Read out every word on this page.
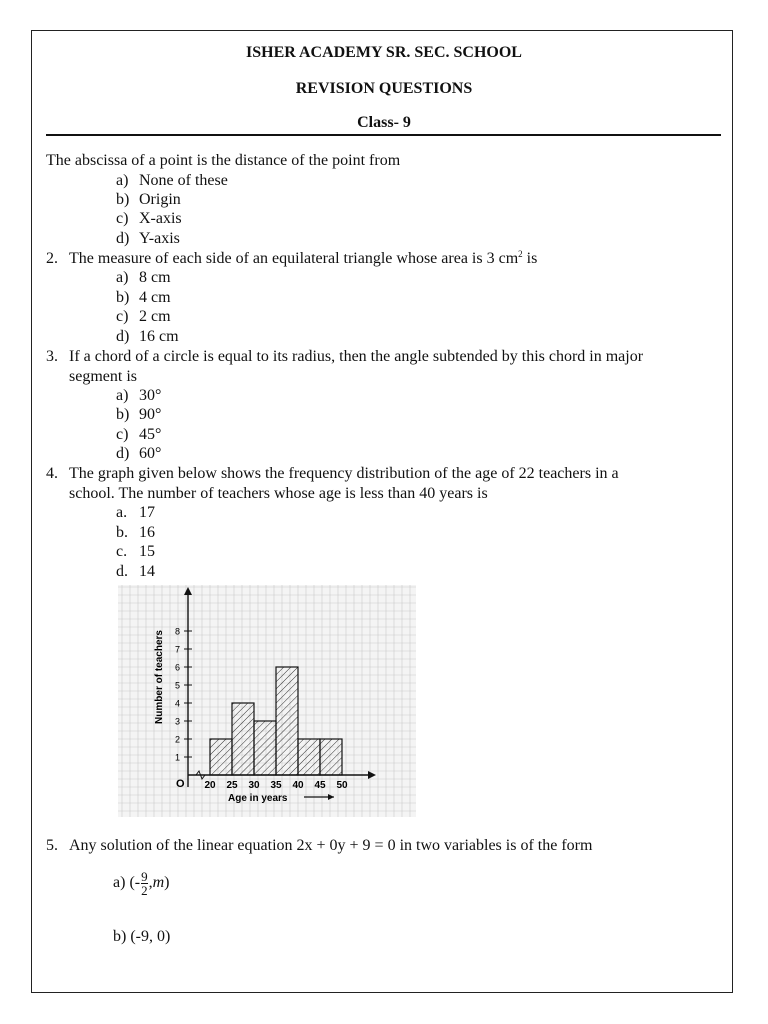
ISHER ACADEMY SR. SEC. SCHOOL
REVISION QUESTIONS
Class- 9
The abscissa of a point is the distance of the point from
a) None of these
b) Origin
c) X-axis
d) Y-axis
2. The measure of each side of an equilateral triangle whose area is 3 $cm^2$ is
a) 8 cm
b) 4 cm
c) 2 cm
d) 16 cm
3. If a chord of a circle is equal to its radius, then the angle subtended by this chord in major
segment is
a) 30°
b) 90°
c) 45°
d) 60°
4. The graph given below shows the frequency distribution of the age of 22 teachers in a
school. The number of teachers whose age is less than 40 years is
a. 17
b. 16
c. 15
d. 14
O
1
2
3
4
5
6
7
8
20 25 30 35 40 45 50
Number of teachers
Age in years
5. Any solution of the linear equation 2x + 0y + 9 = 0 in two variables is of the form
a) (- $\frac{9}{2} ,m$)
b) (-9, 0)
